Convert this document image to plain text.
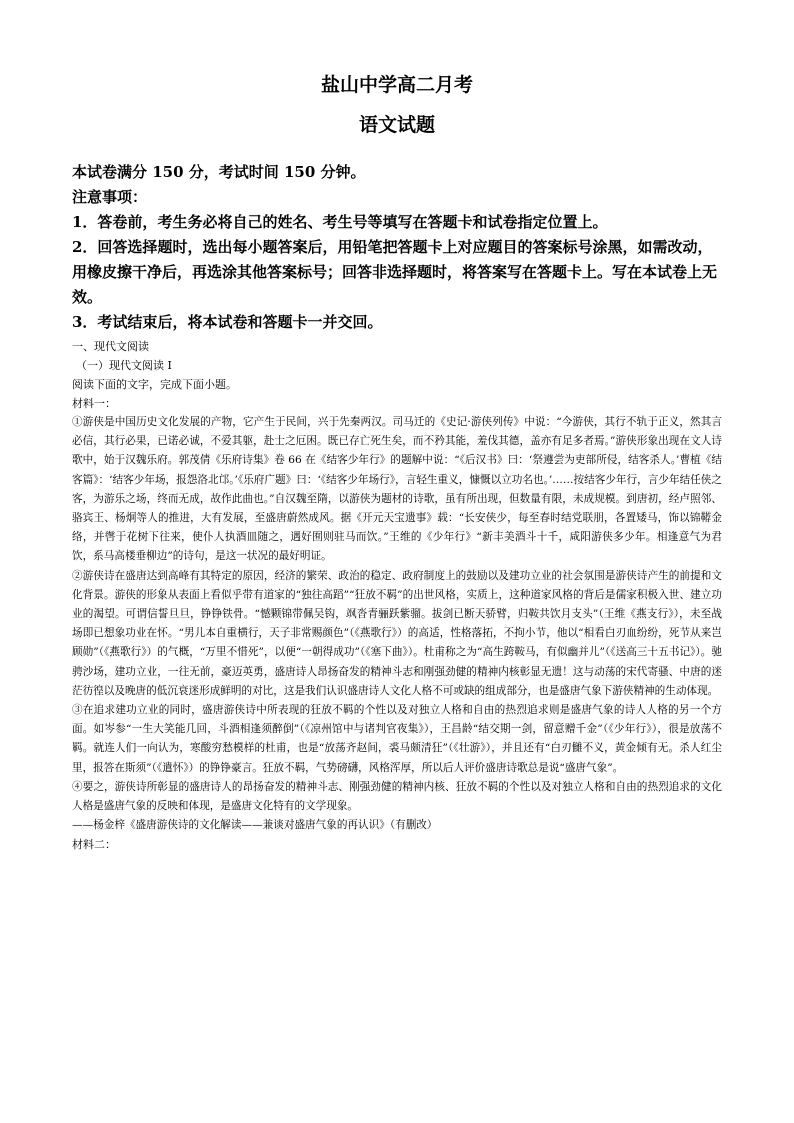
盐山中学高二月考
语文试题

本试卷满分 150 分，考试时间 150 分钟。

注意事项：

1．答卷前，考生务必将自己的姓名、考生号等填写在答题卡和试卷指定位置上。

2．回答选择题时，选出每小题答案后，用铅笔把答题卡上对应题目的答案标号涂黑，如需改动，用橡皮擦干净后，再选涂其他答案标号；回答非选择题时，将答案写在答题卡上。写在本试卷上无效。

3．考试结束后，将本试卷和答题卡一并交回。

一、现代文阅读

（一）现代文阅读 I

阅读下面的文字，完成下面小题。

材料一：

①游侠是中国历史文化发展的产物，它产生于民间，兴于先秦两汉。司马迁的《史记·游侠列传》中说：“今游侠，其行不轨于正义，然其言必信，其行必果，已诺必诚，不爱其躯，赴士之厄困。既已存亡死生矣，而不矜其能，羞伐其德，盖亦有足多者焉。”游侠形象出现在文人诗歌中，始于汉魏乐府。郭茂倩《乐府诗集》卷 66 在《结客少年行》的题解中说：“《后汉书》曰：‘祭遵尝为吏部所侵，结客杀人。’曹植《结客篇》：‘结客少年场，报怨洛北邙。’《乐府广题》曰：‘《结客少年场行》，言轻生重义，慷慨以立功名也。’……按结客少年行，言少年结任侠之客，为游乐之场，终而无成，故作此曲也。”自汉魏至隋，以游侠为题材的诗歌，虽有所出现，但数量有限，未成规模。到唐初，经卢照邻、骆宾王、杨炯等人的推进，大有发展，至盛唐蔚然成风。据《开元天宝遗事》载：“长安侠少，每至春时结党联朋，各置矮马，饰以锦鞯金络，并辔于花树下往来，使仆人执酒皿随之，遇好囿则驻马而饮。”王维的《少年行》“新丰美酒斗十千，咸阳游侠多少年。相逢意气为君饮，系马高楼垂柳边”的诗句，是这一状况的最好明证。

②游侠诗在盛唐达到高峰有其特定的原因，经济的繁荣、政治的稳定、政府制度上的鼓励以及建功立业的社会氛围是游侠诗产生的前提和文化背景。游侠的形象从表面上看似乎带有道家的“独往高蹈”“狂放不羁”的出世风格，实质上，这种道家风格的背后是儒家积极入世、建立功业的渴望。可谓信誓旦旦，铮铮铁骨。“憾颗锦带佩吴钩，飒沓青骊跃紫骝。拔剑已断天骄臂，归鞍共饮月支头”（王维《燕支行》），未至战场即已想象功业在怀。“男儿本自重横行，天子非常赐颜色”（《燕歌行》）的高适，性格落拓，不拘小节，他以“相看白刃血纷纷，死节从来岂顾勋”（《燕歌行》）的气概，“万里不惜死”，以便“一朝得成功”（《塞下曲》）。杜甫称之为“高生跨鞍马，有似幽并儿”（《送高三十五书记》）。驰骋沙场，建功立业，一往无前，豪迈英勇，盛唐诗人昂扬奋发的精神斗志和刚强劲健的精神内核彰显无遗！这与动荡的宋代寄骚、中唐的迷茫彷徨以及晚唐的低沉衰迷形成鲜明的对比，这是我们认识盛唐诗人文化人格不可或缺的组成部分，也是盛唐气象下游侠精神的生动体现。

③在追求建功立业的同时，盛唐游侠诗中所表现的狂放不羁的个性以及对独立人格和自由的热烈追求则是盛唐气象的诗人人格的另一个方面。如岑参“一生大笑能几回，斗酒相逢须醉倒”（《凉州馆中与诸判官夜集》），王昌龄“结交期一剑，留意赠千金”（《少年行》），很是放荡不羁。就连人们一向认为，寒酸穷愁模样的杜甫，也是“放荡齐赵间，裘马颇清狂”（《壮游》），并且还有“白刃雠不义，黄金倾有无。杀人红尘里，报答在斯须”（《遣怀》）的铮铮豪言。狂放不羁，气势磅礴，风格浑厚，所以后人评价盛唐诗歌总是说“盛唐气象”。

④要之，游侠诗所彰显的盛唐诗人的昂扬奋发的精神斗志、刚强劲健的精神内核、狂放不羁的个性以及对独立人格和自由的热烈追求的文化人格是盛唐气象的反映和体现，是盛唐文化特有的文学现象。

——杨金梓《盛唐游侠诗的文化解读——兼谈对盛唐气象的再认识》（有删改）

材料二：
